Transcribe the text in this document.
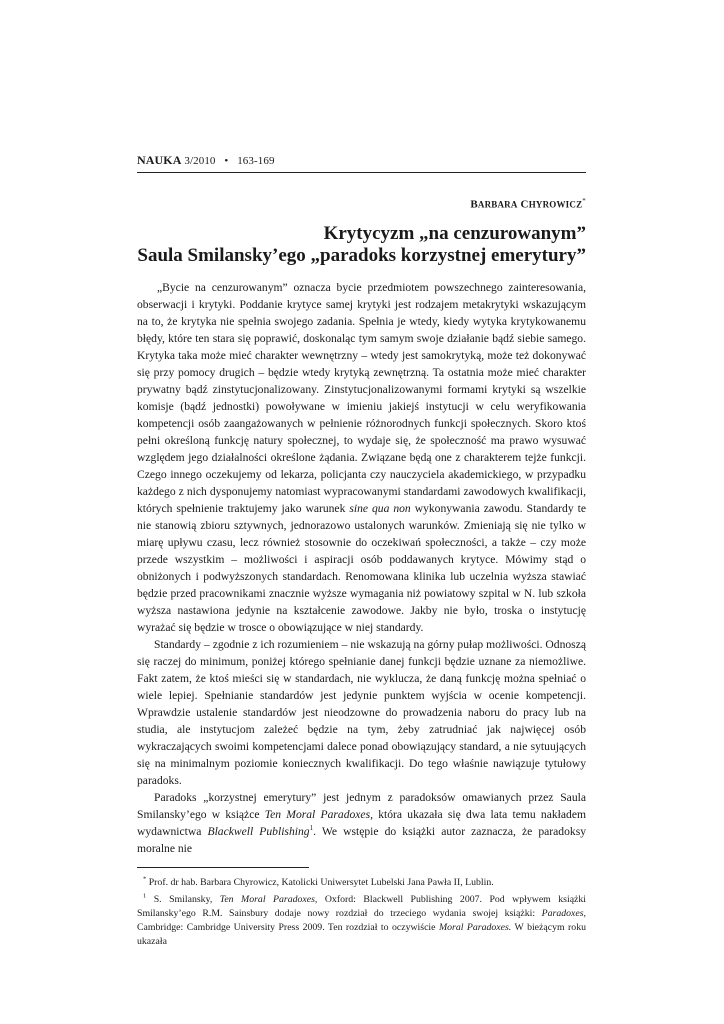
NAUKA 3/2010 • 163-169
BARBARA CHYROWICZ*
Krytycyzm „na cenzurowanym”
Saula Smilansky’ego „paradoks korzystnej emerytury”

„Bycie na cenzurowanym” oznacza bycie przedmiotem powszechnego zainteresowania, obserwacji i krytyki. Poddanie krytyce samej krytyki jest rodzajem metakrytyki wskazującym na to, że krytyka nie spełnia swojego zadania. Spełnia je wtedy, kiedy wytyka krytykowanemu błędy, które ten stara się poprawić, doskonaląc tym samym swoje działanie bądź siebie samego. Krytyka taka może mieć charakter wewnętrzny – wtedy jest samokrytyką, może też dokonywać się przy pomocy drugich – będzie wtedy krytyką zewnętrzną. Ta ostatnia może mieć charakter prywatny bądź zinstytucjonalizowany. Zinstytucjonalizowanymi formami krytyki są wszelkie komisje (bądź jednostki) powoływane w imieniu jakiejś instytucji w celu weryfikowania kompetencji osób zaangażowanych w pełnienie różnorodnych funkcji społecznych. Skoro ktoś pełni określoną funkcję natury społecznej, to wydaje się, że społeczność ma prawo wysuwać względem jego działalności określone żądania. Związane będą one z charakterem tejże funkcji. Czego innego oczekujemy od lekarza, policjanta czy nauczyciela akademickiego, w przypadku każdego z nich dysponujemy natomiast wypracowanymi standardami zawodowych kwalifikacji, których spełnienie traktujemy jako warunek sine qua non wykonywania zawodu. Standardy te nie stanowią zbioru sztywnych, jednorazowo ustalonych warunków. Zmieniają się nie tylko w miarę upływu czasu, lecz również stosownie do oczekiwań społeczności, a także – czy może przede wszystkim – możliwości i aspiracji osób poddawanych krytyce. Mówimy stąd o obniżonych i podwyższonych standardach. Renomowana klinika lub uczelnia wyższa stawiać będzie przed pracownikami znacznie wyższe wymagania niż powiatowy szpital w N. lub szkoła wyższa nastawiona jedynie na kształcenie zawodowe. Jakby nie było, troska o instytucję wyrażać się będzie w trosce o obowiązujące w niej standardy.

Standardy – zgodnie z ich rozumieniem – nie wskazują na górny pułap możliwości. Odnoszą się raczej do minimum, poniżej którego spełnianie danej funkcji będzie uznane za niemożliwe. Fakt zatem, że ktoś mieści się w standardach, nie wyklucza, że daną funkcję można spełniać o wiele lepiej. Spełnianie standardów jest jedynie punktem wyjścia w ocenie kompetencji. Wprawdzie ustalenie standardów jest nieodzowne do prowadzenia naboru do pracy lub na studia, ale instytucjom zależeć będzie na tym, żeby zatrudniać jak najwięcej osób wykraczających swoimi kompetencjami dalece ponad obowiązujący standard, a nie sytuujących się na minimalnym poziomie koniecznych kwalifikacji. Do tego właśnie nawiązuje tytułowy paradoks.

Paradoks „korzystnej emerytury” jest jednym z paradoksów omawianych przez Saula Smilansky’ego w książce Ten Moral Paradoxes, która ukazała się dwa lata temu nakładem wydawnictwa Blackwell Publishing$^1$. We wstępie do książki autor zaznacza, że paradoksy moralne nie

* Prof. dr hab. Barbara Chyrowicz, Katolicki Uniwersytet Lubelski Jana Pawła II, Lublin.

$^1$ S. Smilansky, Ten Moral Paradoxes, Oxford: Blackwell Publishing 2007. Pod wpływem książki Smilansky’ego R.M. Sainsbury dodaje nowy rozdział do trzeciego wydania swojej książki: Paradoxes, Cambridge: Cambridge University Press 2009. Ten rozdział to oczywiście Moral Paradoxes. W bieżącym roku ukazała
